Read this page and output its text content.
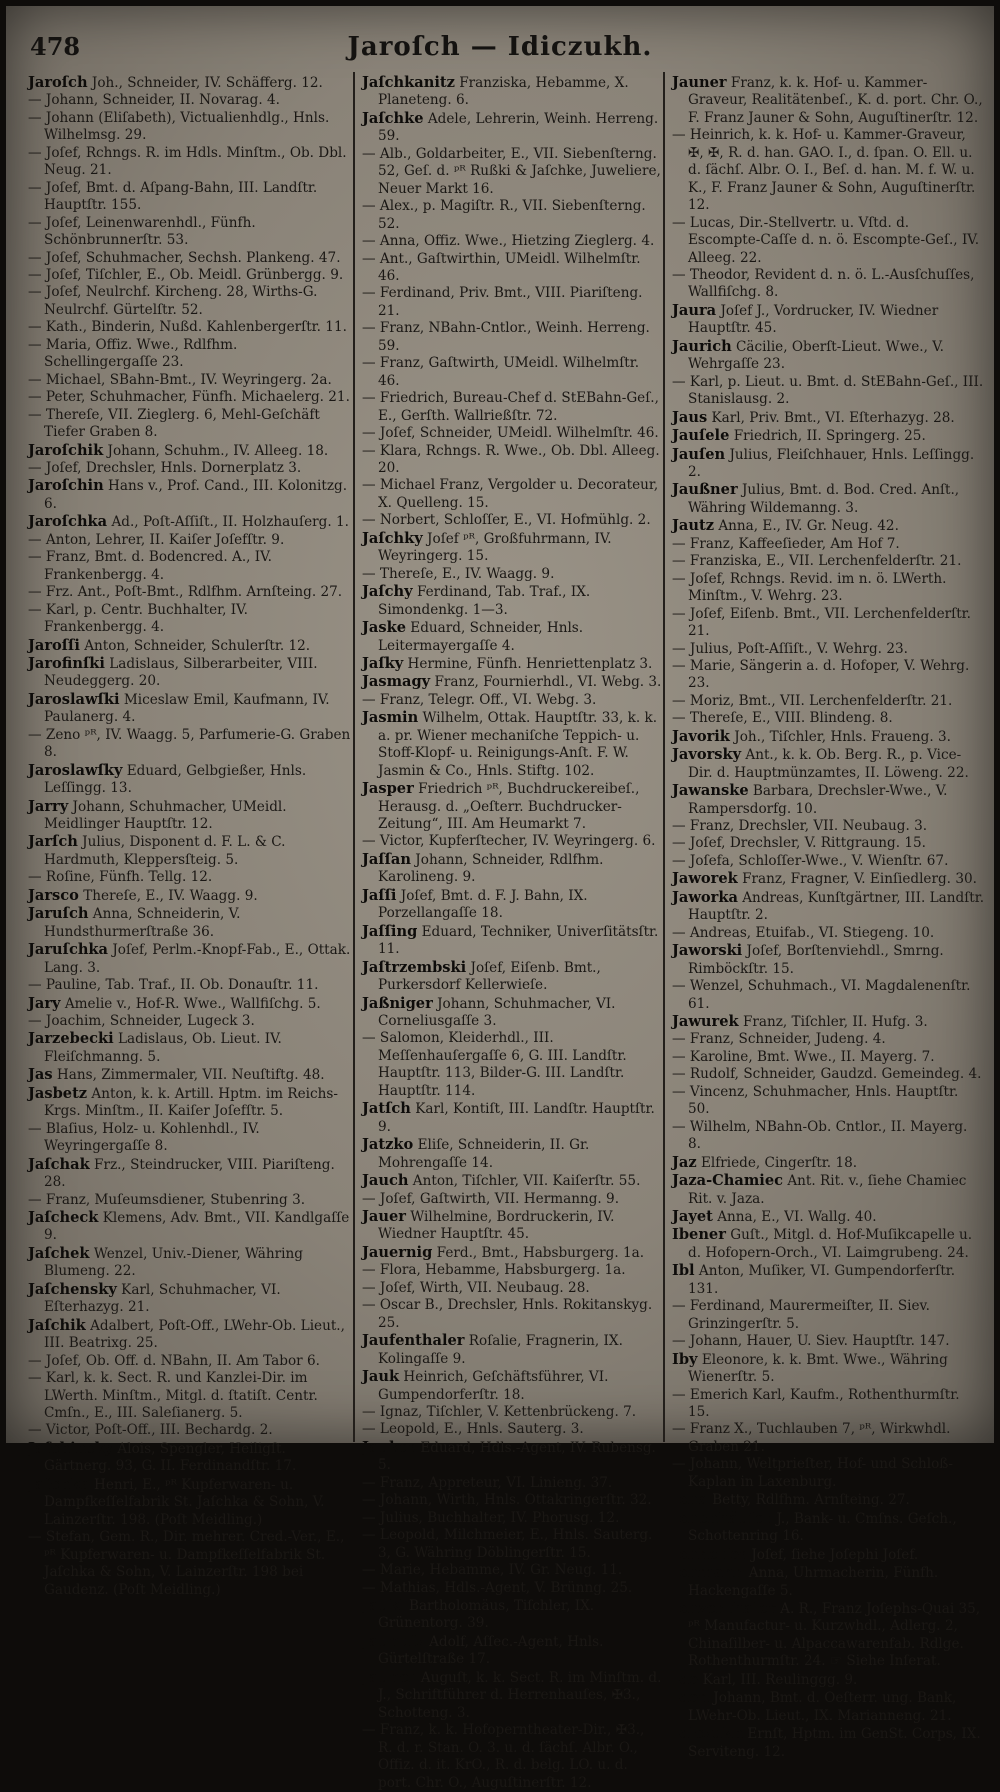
478	Jaroſch — Idiczukh.
Jaroſch Joh., Schneider, IV. Schäfferg. 12.
— Johann, Schneider, II. Novarag. 4.
— Johann (Eliſabeth), Victualienhdlg., Hnls. Wilhelmsg. 29.
— Joſef, Rchngs. R. im Hdls. Minſtm., Ob. Dbl. Neug. 21.
— Joſef, Bmt. d. Aſpang-Bahn, III. Landſtr. Hauptſtr. 155.
— Joſef, Leinenwarenhdl., Fünfh. Schönbrunnerſtr. 53.
— Joſef, Schuhmacher, Sechsh. Plankeng. 47.
— Joſef, Tiſchler, E., Ob. Meidl. Grünbergg. 9.
— Joſef, Neulrchf. Kircheng. 28, Wirths-G. Neulrchf. Gürtelſtr. 52.
— Kath., Binderin, Nußd. Kahlenbergerſtr. 11.
— Maria, Offiz. Wwe., Rdlfhm. Schellingergaſſe 23.
— Michael, SBahn-Bmt., IV. Weyringerg. 2a.
— Peter, Schuhmacher, Fünfh. Michaelerg. 21.
— Thereſe, VII. Zieglerg. 6, Mehl-Geſchäft Tiefer Graben 8.
Jaroſchik Johann, Schuhm., IV. Alleeg. 18.
— Joſef, Drechsler, Hnls. Dornerplatz 3.
Jaroſchin Hans v., Prof. Cand., III. Kolonitzg. 6.
Jaroſchka Ad., Poſt-Aſſiſt., II. Holzhauſerg. 1.
— Anton, Lehrer, II. Kaiſer Joſefſtr. 9.
— Franz, Bmt. d. Bodencred. A., IV. Frankenbergg. 4.
— Frz. Ant., Poſt-Bmt., Rdlfhm. Arnſteing. 27.
— Karl, p. Centr. Buchhalter, IV. Frankenbergg. 4.
Jaroſſi Anton, Schneider, Schulerſtr. 12.
Jarofinſki Ladislaus, Silberarbeiter, VIII. Neudeggerg. 20.
Jaroslawſki Miceslaw Emil, Kaufmann, IV. Paulanerg. 4.
— Zeno ᵖᴿ, IV. Waagg. 5, Parfumerie-G. Graben 8.
Jaroslawſky Eduard, Gelbgießer, Hnls. Leſſingg. 13.
Jarry Johann, Schuhmacher, UMeidl. Meidlinger Hauptſtr. 12.
Jarſch Julius, Disponent d. F. L. & C. Hardmuth, Kleppersſteig. 5.
— Roſine, Fünfh. Tellg. 12.
Jarsco Thereſe, E., IV. Waagg. 9.
Jaruſch Anna, Schneiderin, V. Hundsthurmerſtraße 36.
Jaruſchka Joſef, Perlm.-Knopf-Fab., E., Ottak. Lang. 3.
— Pauline, Tab. Traf., II. Ob. Donauſtr. 11.
Jary Amelie v., Hof-R. Wwe., Wallfiſchg. 5.
— Joachim, Schneider, Lugeck 3.
Jarzebecki Ladislaus, Ob. Lieut. IV. Fleiſchmanng. 5.
Jas Hans, Zimmermaler, VII. Neuſtiftg. 48.
Jasbetz Anton, k. k. Artill. Hptm. im Reichs-Krgs. Minſtm., II. Kaiſer Joſefſtr. 5.
— Blaſius, Holz- u. Kohlenhdl., IV. Weyringergaſſe 8.
Jaſchak Frz., Steindrucker, VIII. Piariſteng. 28.
— Franz, Muſeumsdiener, Stubenring 3.
Jaſcheck Klemens, Adv. Bmt., VII. Kandlgaſſe 9.
Jaſchek Wenzel, Univ.-Diener, Währing Blumeng. 22.
Jaſchensky Karl, Schuhmacher, VI. Eſterhazyg. 21.
Jaſchik Adalbert, Poſt-Off., LWehr-Ob. Lieut., III. Beatrixg. 25.
— Joſef, Ob. Off. d. NBahn, II. Am Tabor 6.
— Karl, k. k. Sect. R. und Kanzlei-Dir. im LWerth. Minſtm., Mitgl. d. ſtatiſt. Centr. Cmſn., E., III. Saleſianerg. 5.
— Victor, Poſt-Off., III. Bechardg. 2.
Jaſchinsky Alois, Spengler, Heiligſt. Gärtnerg. 93, G. II. Ferdinandſtr. 17.
Jaſchka Henri, E., ᵖᴿ Kupferwaren- u. Dampfkeſſelfabrik St. Jaſchka & Sohn, V. Lainzerſtr. 198. (Poſt Meidling.)
— Stefan, Gem. R., Dir. mehrer. Cred.-Ver., E., ᵖᴿ Kupferwaren- u. Dampfkeſſelfabrik St. Jaſchka & Sohn, V. Lainzerſtr. 198 bei Gaudenz. (Poſt Meidling.)
Jaſchkanitz Franziska, Hebamme, X. Planeteng. 6.
Jaſchke Adele, Lehrerin, Weinh. Herreng. 59.
— Alb., Goldarbeiter, E., VII. Siebenſterng. 52, Geſ. d. ᵖᴿ Rußki & Jaſchke, Juweliere, Neuer Markt 16.
— Alex., p. Magiſtr. R., VII. Siebenſterng. 52.
— Anna, Offiz. Wwe., Hietzing Zieglerg. 4.
— Ant., Gaſtwirthin, UMeidl. Wilhelmſtr. 46.
— Ferdinand, Priv. Bmt., VIII. Piariſteng. 21.
— Franz, NBahn-Cntlor., Weinh. Herreng. 59.
— Franz, Gaſtwirth, UMeidl. Wilhelmſtr. 46.
— Friedrich, Bureau-Chef d. StEBahn-Geſ., E., Gerſth. Wallrießſtr. 72.
— Joſef, Schneider, UMeidl. Wilhelmſtr. 46.
— Klara, Rchngs. R. Wwe., Ob. Dbl. Alleeg. 20.
— Michael Franz, Vergolder u. Decorateur, X. Quelleng. 15.
— Norbert, Schloſſer, E., VI. Hofmühlg. 2.
Jaſchky Joſef ᵖᴿ, Großfuhrmann, IV. Weyringerg. 15.
— Thereſe, E., IV. Waagg. 9.
Jaſchy Ferdinand, Tab. Traf., IX. Simondenkg. 1—3.
Jaske Eduard, Schneider, Hnls. Leitermayergaſſe 4.
Jaſky Hermine, Fünfh. Henriettenplatz 3.
Jasmagy Franz, Fournierhdl., VI. Webg. 3.
— Franz, Telegr. Off., VI. Webg. 3.
Jasmin Wilhelm, Ottak. Hauptſtr. 33, k. k. a. pr. Wiener mechaniſche Teppich- u. Stoff-Klopf- u. Reinigungs-Anſt. F. W. Jasmin & Co., Hnls. Stiftg. 102.
Jasper Friedrich ᵖᴿ, Buchdruckereibeſ., Herausg. d. „Oeſterr. Buchdrucker-Zeitung“, III. Am Heumarkt 7.
— Victor, Kupferſtecher, IV. Weyringerg. 6.
Jaſſan Johann, Schneider, Rdlfhm. Karolineng. 9.
Jaſſi Joſef, Bmt. d. F. J. Bahn, IX. Porzellangaſſe 18.
Jaſſing Eduard, Techniker, Univerſitätsſtr. 11.
Jaſtrzembski Joſef, Eiſenb. Bmt., Purkersdorf Kellerwieſe.
Jaßniger Johann, Schuhmacher, VI. Corneliusgaſſe 3.
— Salomon, Kleiderhdl., III. Meſſenhauſergaſſe 6, G. III. Landſtr. Hauptſtr. 113, Bilder-G. III. Landſtr. Hauptſtr. 114.
Jatſch Karl, Kontiſt, III. Landſtr. Hauptſtr. 9.
Jatzko Eliſe, Schneiderin, II. Gr. Mohrengaſſe 14.
Jauch Anton, Tiſchler, VII. Kaiſerſtr. 55.
— Joſef, Gaſtwirth, VII. Hermanng. 9.
Jauer Wilhelmine, Bordruckerin, IV. Wiedner Hauptſtr. 45.
Jauernig Ferd., Bmt., Habsburgerg. 1a.
— Flora, Hebamme, Habsburgerg. 1a.
— Joſef, Wirth, VII. Neubaug. 28.
— Oscar B., Drechsler, Hnls. Rokitanskyg. 25.
Jaufenthaler Roſalie, Fragnerin, IX. Kolingaſſe 9.
Jauk Heinrich, Geſchäftsführer, VI. Gumpendorferſtr. 18.
— Ignaz, Tiſchler, V. Kettenbrückeng. 7.
— Leopold, E., Hnls. Sauterg. 3.
Jauker Eduard, Hdls.-Agent, IV. Rubensg. 5.
— Franz, Appreteur, VI. Linieng. 37.
— Johann, Wirth, Hnls. Ottakringerſtr. 32.
— Julius, Buchhalter, IV. Phorusg. 12.
— Leopold, Milchmeier, E., Hnls. Sauterg. 3, G. Währing Döblingerſtr. 15.
— Marie, Hebamme, IV. Gr. Neug. 11.
— Mathias, Hdls.-Agent, V. Brünng. 25.
Jaukl Bartholomäus, Tiſchler, IX. Grünentorg. 39.
Jaunuſz Adolf, Aſſec.-Agent, Hnls. Gürtelſtraße 17.
Jauner Auguſt, k. k. Sect. R. im Minſtm. d. J., Schriftführer d. Herrenhauſes, ✠3., Schotteng. 3.
— Franz, k. k. Hofoperntheater-Dir., ✠3., R. d. r. Stan. O. 3. u. d. ſächſ. Albr. O., Offiz. d. it. KrO., R. d. belg. LO. u. d. port. Chr. O., Auguſtinerſtr. 12.
Jauner Franz, k. k. Hof- u. Kammer-Graveur, Realitätenbeſ., K. d. port. Chr. O., F. Franz Jauner & Sohn, Auguſtinerſtr. 12.
— Heinrich, k. k. Hof- u. Kammer-Graveur, ✠, ✠, R. d. han. GAO. I., d. ſpan. O. Ell. u. d. ſächſ. Albr. O. I., Beſ. d. han. M. f. W. u. K., F. Franz Jauner & Sohn, Auguſtinerſtr. 12.
— Lucas, Dir.-Stellvertr. u. Vſtd. d. Escompte-Caſſe d. n. ö. Escompte-Geſ., IV. Alleeg. 22.
— Theodor, Revident d. n. ö. L.-Ausſchuſſes, Wallfiſchg. 8.
Jaura Joſef J., Vordrucker, IV. Wiedner Hauptſtr. 45.
Jaurich Cäcilie, Oberſt-Lieut. Wwe., V. Wehrgaſſe 23.
— Karl, p. Lieut. u. Bmt. d. StEBahn-Geſ., III. Stanislausg. 2.
Jaus Karl, Priv. Bmt., VI. Eſterhazyg. 28.
Jauſele Friedrich, II. Springerg. 25.
Jauſen Julius, Fleiſchhauer, Hnls. Leſſingg. 2.
Jaußner Julius, Bmt. d. Bod. Cred. Anſt., Währing Wildemanng. 3.
Jautz Anna, E., IV. Gr. Neug. 42.
— Franz, Kaffeeſieder, Am Hof 7.
— Franziska, E., VII. Lerchenfelderſtr. 21.
— Joſef, Rchngs. Revid. im n. ö. LWerth. Minſtm., V. Wehrg. 23.
— Joſef, Eiſenb. Bmt., VII. Lerchenfelderſtr. 21.
— Julius, Poſt-Aſſiſt., V. Wehrg. 23.
— Marie, Sängerin a. d. Hofoper, V. Wehrg. 23.
— Moriz, Bmt., VII. Lerchenfelderſtr. 21.
— Thereſe, E., VIII. Blindeng. 8.
Javorik Joh., Tiſchler, Hnls. Fraueng. 3.
Javorsky Ant., k. k. Ob. Berg. R., p. Vice-Dir. d. Hauptmünzamtes, II. Löweng. 22.
Jawanske Barbara, Drechsler-Wwe., V. Rampersdorfg. 10.
— Franz, Drechsler, VII. Neubaug. 3.
— Joſef, Drechsler, V. Rittgraung. 15.
— Joſefa, Schloſſer-Wwe., V. Wienſtr. 67.
Jaworek Franz, Fragner, V. Einſiedlerg. 30.
Jaworka Andreas, Kunſtgärtner, III. Landſtr. Hauptſtr. 2.
— Andreas, Etuifab., VI. Stiegeng. 10.
Jaworski Joſef, Borſtenviehdl., Smrng. Rimböckſtr. 15.
— Wenzel, Schuhmach., VI. Magdalenenſtr. 61.
Jawurek Franz, Tiſchler, II. Hufg. 3.
— Franz, Schneider, Judeng. 4.
— Karoline, Bmt. Wwe., II. Mayerg. 7.
— Rudolf, Schneider, Gaudzd. Gemeindeg. 4.
— Vincenz, Schuhmacher, Hnls. Hauptſtr. 50.
— Wilhelm, NBahn-Ob. Cntlor., II. Mayerg. 8.
Jaz Elfriede, Cingerſtr. 18.
Jaza-Chamiec Ant. Rit. v., ſiehe Chamiec Rit. v. Jaza.
Jayet Anna, E., VI. Wallg. 40.
Ibener Guſt., Mitgl. d. Hof-Muſikcapelle u. d. Hofopern-Orch., VI. Laimgrubeng. 24.
Ibl Anton, Muſiker, VI. Gumpendorferſtr. 131.
— Ferdinand, Maurermeiſter, II. Siev. Grinzingerſtr. 5.
— Johann, Hauer, U. Siev. Hauptſtr. 147.
Iby Eleonore, k. k. Bmt. Wwe., Währing Wienerſtr. 5.
— Emerich Karl, Kaufm., Rothenthurmſtr. 15.
— Franz X., Tuchlauben 7, ᵖᴿ, Wirkwhdl. Graben 21.
— Johann, Weltprieſter, Hof- und Schloß-Kaplan in Laxenburg.
Icha Betty, Rdlfhm. Arnſteing. 27.
Ichenhäuſer J., Bank- u. Cmſns. Geſch., Schottenring 16.
Ichheiſer Joſef, ſiehe Joſephi Joſef.
Ichmann Anna, Uhrmacherin, Fünfh. Hackengaſſe 5.
Ichzenthaler A. R., Franz Joſephs-Quai 35, ᵖᴿ Manufactur- u. Kurzwhdl., Adlerg. 2, Chinaſilber- u. Alpaccawarenfab. Rdlge. Rothenthurmſtr. 24. ☞ Siehe Inſerat.
Ide Karl, III. Reulinggg. 9.
Iden Johann, Bmt. d. Oeſterr. ung. Bank, LWehr-Ob. Lieut., IX. Marianneng. 21.
Idiczukh Ernſt, Hptm. im GenSt. Corps, IX. Serviteng. 12.
